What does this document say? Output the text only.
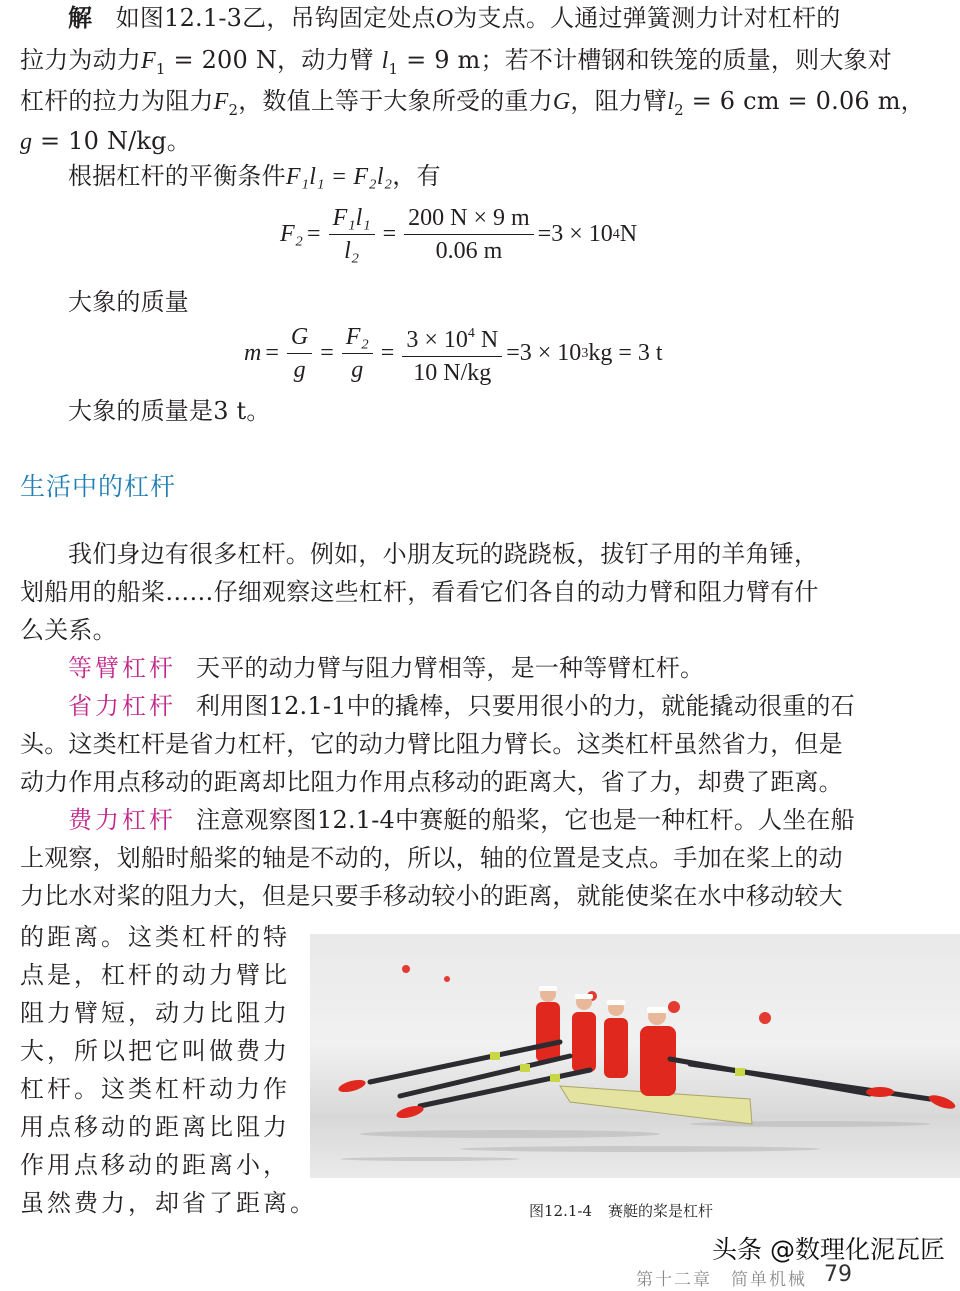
解 如图12.1-3乙，吊钩固定处点O为支点。人通过弹簧测力计对杠杆的
拉力为动力$F_1 = 200$ N，动力臂 $l_1 = 9$ m；若不计槽钢和铁笼的质量，则大象对
杠杆的拉力为阻力$F_2$，数值上等于大象所受的重力G，阻力臂$l_2 = 6$ cm = 0.06 m，
g = 10 N/kg。
根据杠杆的平衡条件F₁l₁ = F₂l₂，有
$F_2 = \frac{\text{F₁l₁}}{\text{l₂}} = \frac{200 N \times 9 m}{0.06 m} =3 \times 10$ 4 N
大象的质量
$m = \frac{G}{g} = \frac{\text{F₂}}{g} = \frac{3 \times 10^4 N}{10 N/kg} =3 \times 10$ 3 kg = 3 t
大象的质量是3 t。
生活中的杠杆
我们身边有很多杠杆。例如，小朋友玩的跷跷板，拔钉子用的羊角锤，
划船用的船桨……仔细观察这些杠杆，看看它们各自的动力臂和阻力臂有什
么关系。
等臂杠杆 天平的动力臂与阻力臂相等，是一种等臂杠杆。
省力杠杆 利用图12.1-1中的撬棒，只要用很小的力，就能撬动很重的石
头。这类杠杆是省力杠杆，它的动力臂比阻力臂长。这类杠杆虽然省力，但是
动力作用点移动的距离却比阻力作用点移动的距离大，省了力，却费了距离。
费力杠杆 注意观察图12.1-4中赛艇的船桨，它也是一种杠杆。人坐在船
上观察，划船时船桨的轴是不动的，所以，轴的位置是支点。手加在桨上的动
力比水对桨的阻力大，但是只要手移动较小的距离，就能使桨在水中移动较大
的距离。这类杠杆的特
点是，杠杆的动力臂比
阻力臂短，动力比阻力
大，所以把它叫做费力
杠杆。这类杠杆动力作
用点移动的距离比阻力
作用点移动的距离小，
虽然费力，却省了距离。	图12.1-4 赛艇的桨是杠杆
第十二章　简单机械 79
头条 @数理化泥瓦匠
